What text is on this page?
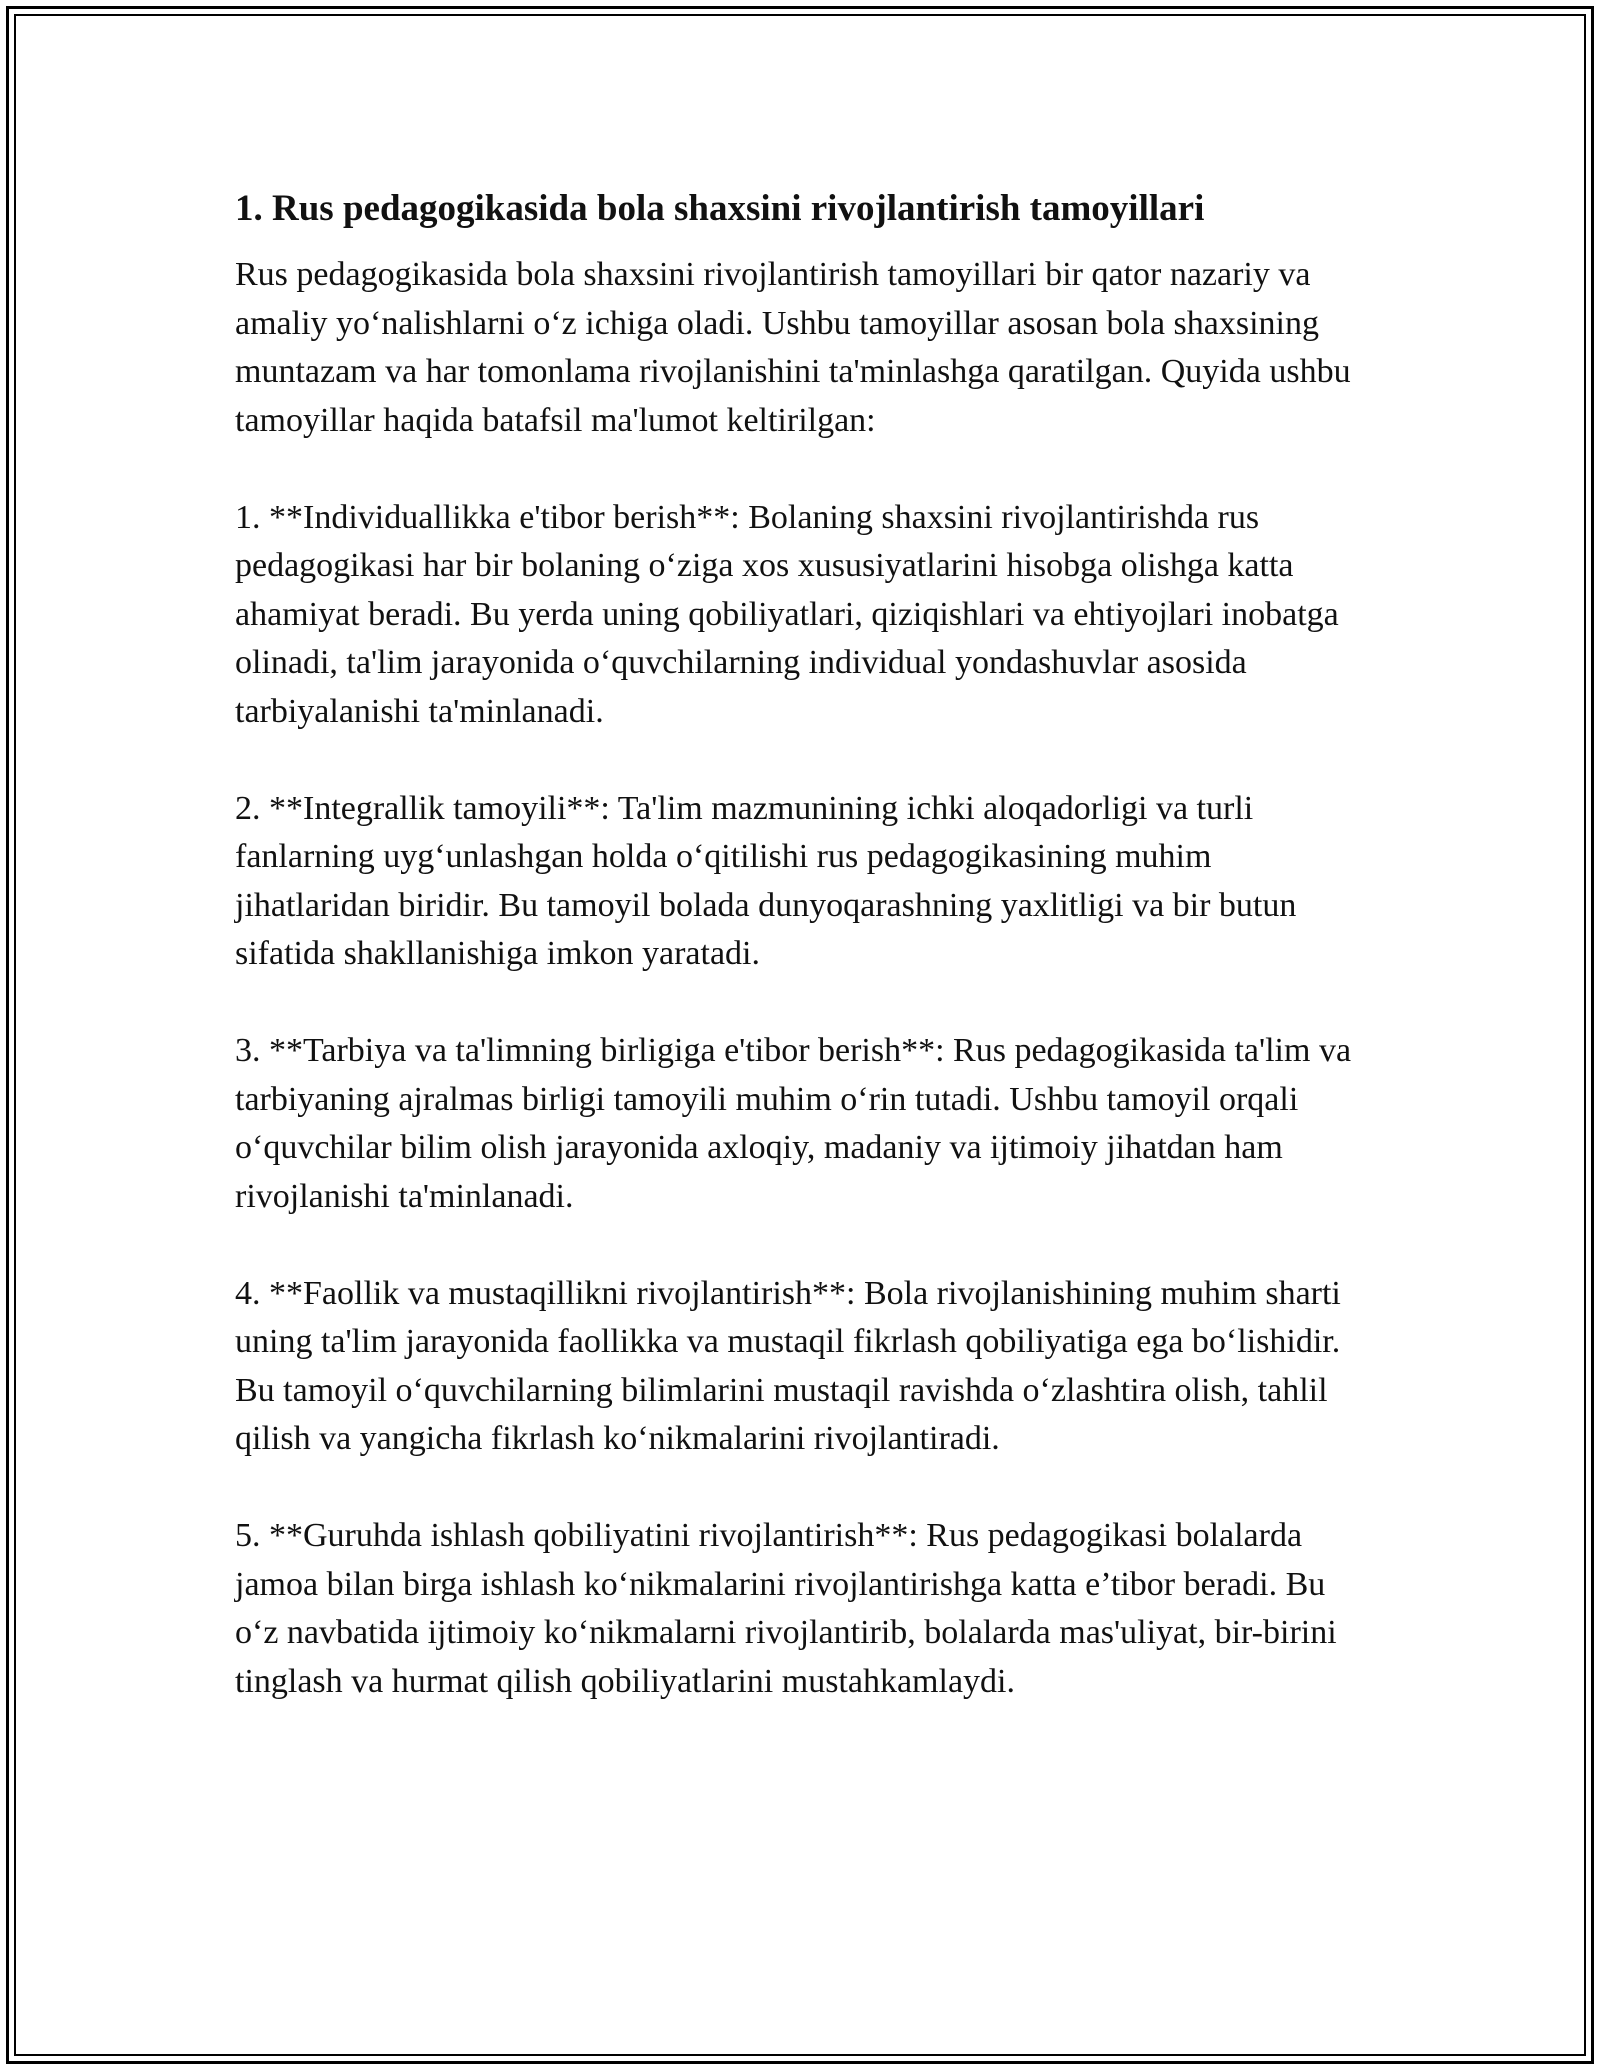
1. Rus pedagogikasida bola shaxsini rivojlantirish tamoyillari

Rus pedagogikasida bola shaxsini rivojlantirish tamoyillari bir qator nazariy va amaliy yo‘nalishlarni o‘z ichiga oladi. Ushbu tamoyillar asosan bola shaxsining muntazam va har tomonlama rivojlanishini ta'minlashga qaratilgan. Quyida ushbu tamoyillar haqida batafsil ma'lumot keltirilgan:

1. **Individuallikka e'tibor berish**: Bolaning shaxsini rivojlantirishda rus pedagogikasi har bir bolaning o‘ziga xos xususiyatlarini hisobga olishga katta ahamiyat beradi. Bu yerda uning qobiliyatlari, qiziqishlari va ehtiyojlari inobatga olinadi, ta'lim jarayonida o‘quvchilarning individual yondashuvlar asosida tarbiyalanishi ta'minlanadi.

2. **Integrallik tamoyili**: Ta'lim mazmunining ichki aloqadorligi va turli fanlarning uyg‘unlashgan holda o‘qitilishi rus pedagogikasining muhim jihatlaridan biridir. Bu tamoyil bolada dunyoqarashning yaxlitligi va bir butun sifatida shakllanishiga imkon yaratadi.

3. **Tarbiya va ta'limning birligiga e'tibor berish**: Rus pedagogikasida ta'lim va tarbiyaning ajralmas birligi tamoyili muhim o‘rin tutadi. Ushbu tamoyil orqali o‘quvchilar bilim olish jarayonida axloqiy, madaniy va ijtimoiy jihatdan ham rivojlanishi ta'minlanadi.

4. **Faollik va mustaqillikni rivojlantirish**: Bola rivojlanishining muhim sharti uning ta'lim jarayonida faollikka va mustaqil fikrlash qobiliyatiga ega bo‘lishidir. Bu tamoyil o‘quvchilarning bilimlarini mustaqil ravishda o‘zlashtira olish, tahlil qilish va yangicha fikrlash ko‘nikmalarini rivojlantiradi.

5. **Guruhda ishlash qobiliyatini rivojlantirish**: Rus pedagogikasi bolalarda jamoa bilan birga ishlash ko‘nikmalarini rivojlantirishga katta e’tibor beradi. Bu o‘z navbatida ijtimoiy ko‘nikmalarni rivojlantirib, bolalarda mas'uliyat, bir-birini tinglash va hurmat qilish qobiliyatlarini mustahkamlaydi.
